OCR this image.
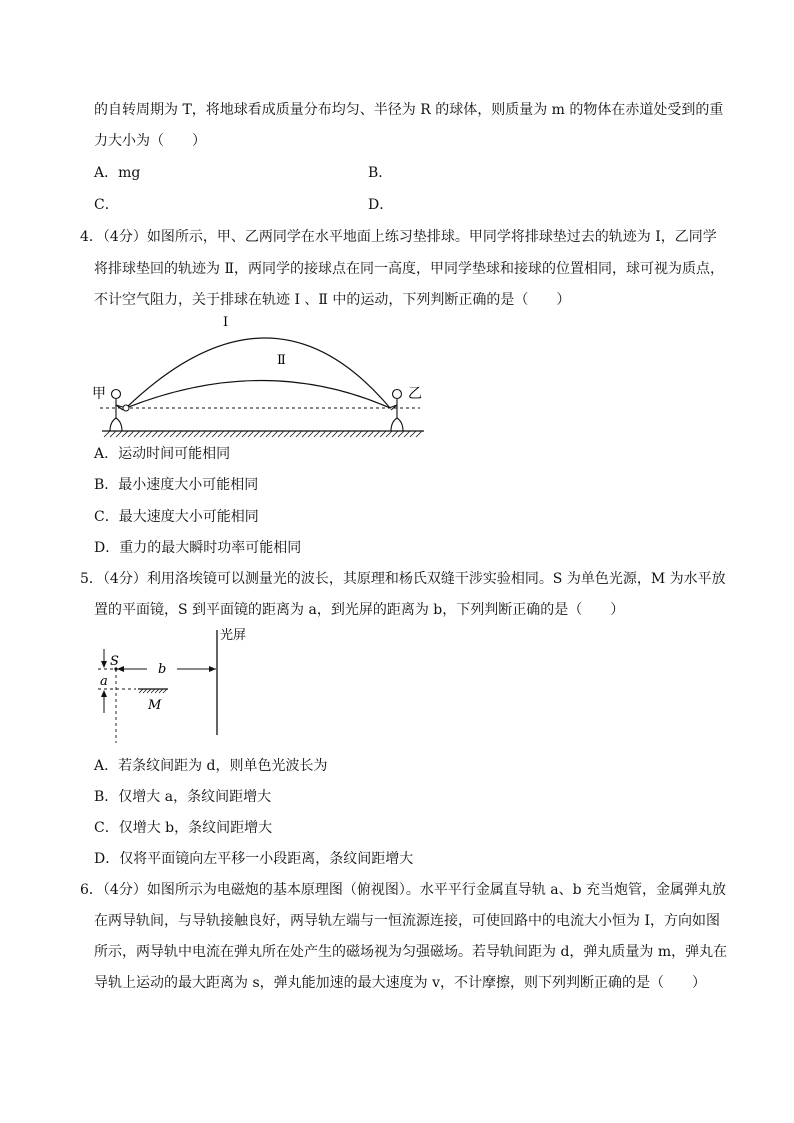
的自转周期为 T，将地球看成质量分布均匀、半径为 R 的球体，则质量为 m 的物体在赤道处受到的重
力大小为（　　）
A．mg	B．
C．	D．
4．（4分）如图所示，甲、乙两同学在水平地面上练习垫排球。甲同学将排球垫过去的轨迹为 Ⅰ，乙同学
将排球垫回的轨迹为 Ⅱ，两同学的接球点在同一高度，甲同学垫球和接球的位置相同，球可视为质点，
不计空气阻力，关于排球在轨迹 Ⅰ 、Ⅱ 中的运动，下列判断正确的是（　　）
甲	乙
Ⅰ
Ⅱ
A．运动时间可能相同
B．最小速度大小可能相同
C．最大速度大小可能相同
D．重力的最大瞬时功率可能相同
5．（4分）利用洛埃镜可以测量光的波长，其原理和杨氏双缝干涉实验相同。S 为单色光源，M 为水平放
置的平面镜，S 到平面镜的距离为 a，到光屏的距离为 b，下列判断正确的是（　　）
光屏
S
a
b
M
A．若条纹间距为 d，则单色光波长为
B．仅增大 a，条纹间距增大
C．仅增大 b，条纹间距增大
D．仅将平面镜向左平移一小段距离，条纹间距增大
6．（4分）如图所示为电磁炮的基本原理图（俯视图）。水平平行金属直导轨 a、b 充当炮管，金属弹丸放
在两导轨间，与导轨接触良好，两导轨左端与一恒流源连接，可使回路中的电流大小恒为 I，方向如图
所示，两导轨中电流在弹丸所在处产生的磁场视为匀强磁场。若导轨间距为 d，弹丸质量为 m，弹丸在
导轨上运动的最大距离为 s，弹丸能加速的最大速度为 v，不计摩擦，则下列判断正确的是（　　）
